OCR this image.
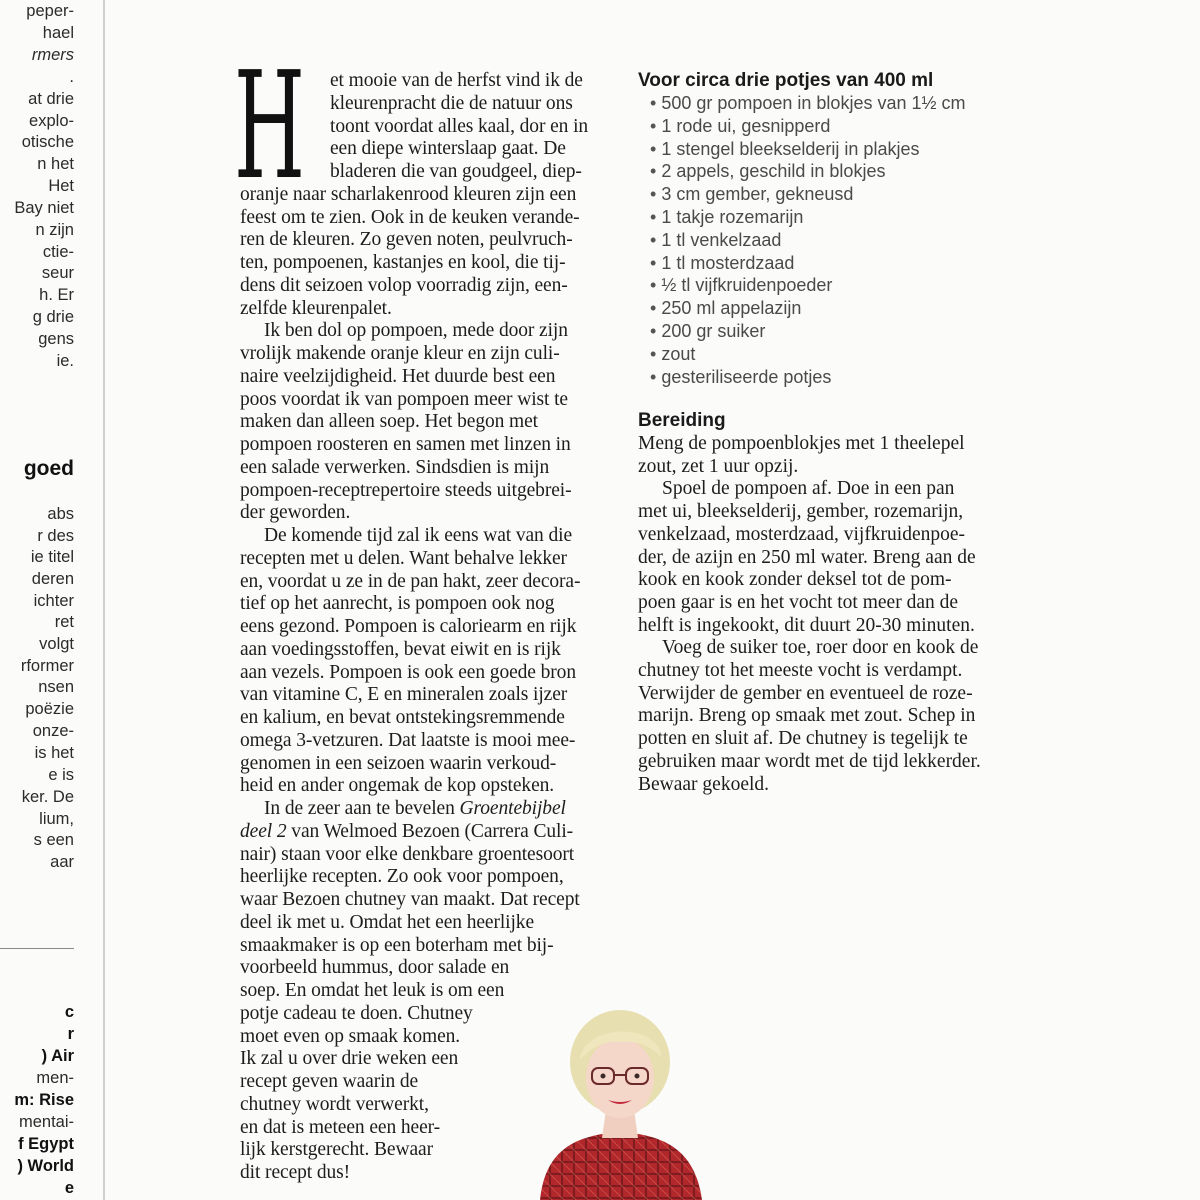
peper-
hael
rmers
.
at drie
explo-
otische
n het
Het
Bay niet
n zijn
ctie-
seur
h. Er
g drie
gens
ie.
goed
abs
r des
ie titel
deren
ichter
ret
volgt
rformer
nsen
poëzie
onze-
is het
e is
ker. De
lium,
s een
aar
c
r
) Air
men-
m: Rise
mentai-
f Egypt
) World
e
H et mooie van de herfst vind ik de
kleurenpracht die de natuur ons
toont voordat alles kaal, dor en in
een diepe winterslaap gaat. De
bladeren die van goudgeel, diep-
oranje naar scharlakenrood kleuren zijn een
feest om te zien. Ook in de keuken verande-
ren de kleuren. Zo geven noten, peulvruch-
ten, pompoenen, kastanjes en kool, die tij-
dens dit seizoen volop voorradig zijn, een-
zelfde kleurenpalet.
Ik ben dol op pompoen, mede door zijn
vrolijk makende oranje kleur en zijn culi-
naire veelzijdigheid. Het duurde best een
poos voordat ik van pompoen meer wist te
maken dan alleen soep. Het begon met
pompoen roosteren en samen met linzen in
een salade verwerken. Sindsdien is mijn
pompoen-receptrepertoire steeds uitgebrei-
der geworden.
De komende tijd zal ik eens wat van die
recepten met u delen. Want behalve lekker
en, voordat u ze in de pan hakt, zeer decora-
tief op het aanrecht, is pompoen ook nog
eens gezond. Pompoen is caloriearm en rijk
aan voedingsstoffen, bevat eiwit en is rijk
aan vezels. Pompoen is ook een goede bron
van vitamine C, E en mineralen zoals ijzer
en kalium, en bevat ontstekingsremmende
omega 3-vetzuren. Dat laatste is mooi mee-
genomen in een seizoen waarin verkoud-
heid en ander ongemak de kop opsteken.
In de zeer aan te bevelen Groentebijbel
deel 2 van Welmoed Bezoen (Carrera Culi-
nair) staan voor elke denkbare groentesoort
heerlijke recepten. Zo ook voor pompoen,
waar Bezoen chutney van maakt. Dat recept
deel ik met u. Omdat het een heerlijke
smaakmaker is op een boterham met bij-
voorbeeld hummus, door salade en
soep. En omdat het leuk is om een
potje cadeau te doen. Chutney
moet even op smaak komen.
Ik zal u over drie weken een
recept geven waarin de
chutney wordt verwerkt,
en dat is meteen een heer-
lijk kerstgerecht. Bewaar
dit recept dus!
Voor circa drie potjes van 400 ml
• 500 gr pompoen in blokjes van 1½ cm
• 1 rode ui, gesnipperd
• 1 stengel bleekselderij in plakjes
• 2 appels, geschild in blokjes
• 3 cm gember, gekneusd
• 1 takje rozemarijn
• 1 tl venkelzaad
• 1 tl mosterdzaad
• ½ tl vijfkruidenpoeder
• 250 ml appelazijn
• 200 gr suiker
• zout
• gesteriliseerde potjes
Bereiding
Meng de pompoenblokjes met 1 theelepel
zout, zet 1 uur opzij.
Spoel de pompoen af. Doe in een pan
met ui, bleekselderij, gember, rozemarijn,
venkelzaad, mosterdzaad, vijfkruidenpoe-
der, de azijn en 250 ml water. Breng aan de
kook en kook zonder deksel tot de pom-
poen gaar is en het vocht tot meer dan de
helft is ingekookt, dit duurt 20-30 minuten.
Voeg de suiker toe, roer door en kook de
chutney tot het meeste vocht is verdampt.
Verwijder de gember en eventueel de roze-
marijn. Breng op smaak met zout. Schep in
potten en sluit af. De chutney is tegelijk te
gebruiken maar wordt met de tijd lekkerder.
Bewaar gekoeld.
